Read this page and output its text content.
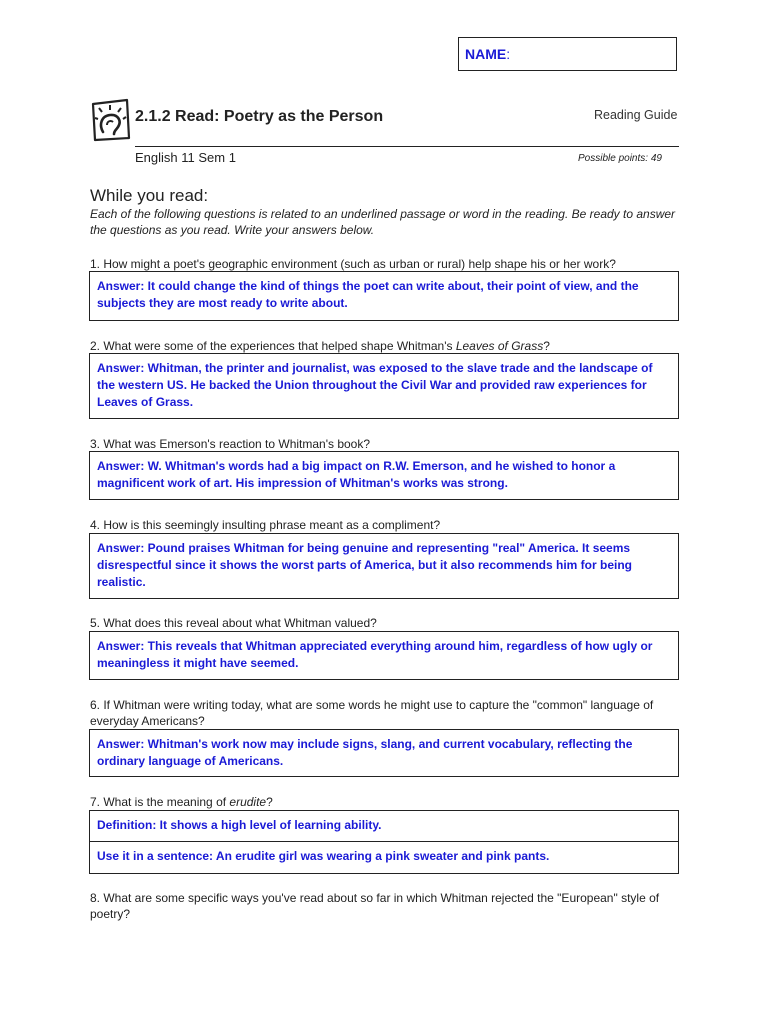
NAME:
2.1.2 Read: Poetry as the Person	Reading Guide
English 11 Sem 1	Possible points: 49
While you read:
Each of the following questions is related to an underlined passage or word in the reading. Be ready to answer the questions as you read. Write your answers below.
1. How might a poet's geographic environment (such as urban or rural) help shape his or her work?
Answer: It could change the kind of things the poet can write about, their point of view, and the subjects they are most ready to write about.
2. What were some of the experiences that helped shape Whitman's Leaves of Grass?
Answer: Whitman, the printer and journalist, was exposed to the slave trade and the landscape of the western US. He backed the Union throughout the Civil War and provided raw experiences for Leaves of Grass.
3. What was Emerson's reaction to Whitman's book?
Answer: W. Whitman's words had a big impact on R.W. Emerson, and he wished to honor a magnificent work of art. His impression of Whitman's works was strong.
4. How is this seemingly insulting phrase meant as a compliment?
Answer: Pound praises Whitman for being genuine and representing "real" America. It seems disrespectful since it shows the worst parts of America, but it also recommends him for being realistic.
5. What does this reveal about what Whitman valued?
Answer: This reveals that Whitman appreciated everything around him, regardless of how ugly or meaningless it might have seemed.
6. If Whitman were writing today, what are some words he might use to capture the "common" language of everyday Americans?
Answer: Whitman's work now may include signs, slang, and current vocabulary, reflecting the ordinary language of Americans.
7. What is the meaning of erudite?
Definition: It shows a high level of learning ability.
Use it in a sentence: An erudite girl was wearing a pink sweater and pink pants.
8. What are some specific ways you've read about so far in which Whitman rejected the "European" style of poetry?
